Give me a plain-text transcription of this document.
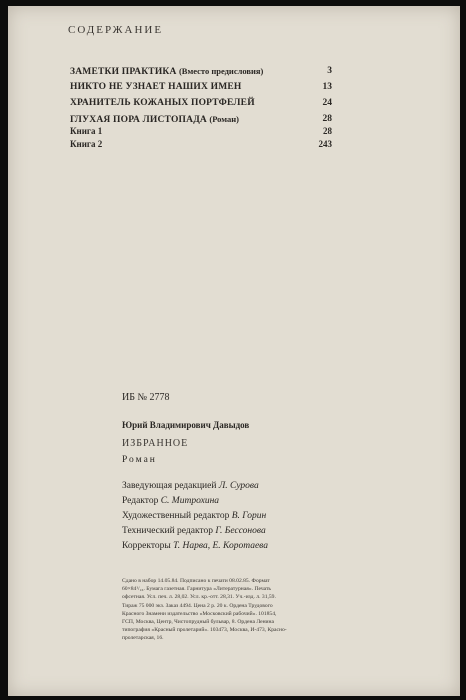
СОДЕРЖАНИЕ
ЗАМЕТКИ ПРАКТИКА (Вместо предисловия)	3
НИКТО НЕ УЗНАЕТ НАШИХ ИМЕН	13
ХРАНИТЕЛЬ КОЖАНЫХ ПОРТФЕЛЕЙ	24
ГЛУХАЯ ПОРА ЛИСТОПАДА (Роман)	28
Книга 1	28
Книга 2	243
ИБ № 2778
Юрий Владимирович Давыдов
ИЗБРАННОЕ
Роман
Заведующая редакцией Л. Сурова
Редактор С. Митрохина
Художественный редактор В. Горин
Технический редактор Г. Бессонова
Корректоры Т. Нарва, Е. Коротаева
Сдано в набор 14.05.84. Подписано к печати 08.02.85. Формат
60×84¹/₁₆. Бумага газетная. Гарнитура «Литературная». Печать
офсетная. Усл. печ. л. 28,02. Усл. кр.-отт. 28,31. Уч.-изд. л. 31,59.
Тираж 75 000 экз. Заказ 4494. Цена 2 р. 20 к. Ордена Трудового
Красного Знамени издательство «Московский рабочий». 101854,
ГСП, Москва, Центр, Чистопрудный бульвар, 8. Ордена Ленина
типография «Красный пролетарий». 103473, Москва, И-473, Красно-
пролетарская, 16.
